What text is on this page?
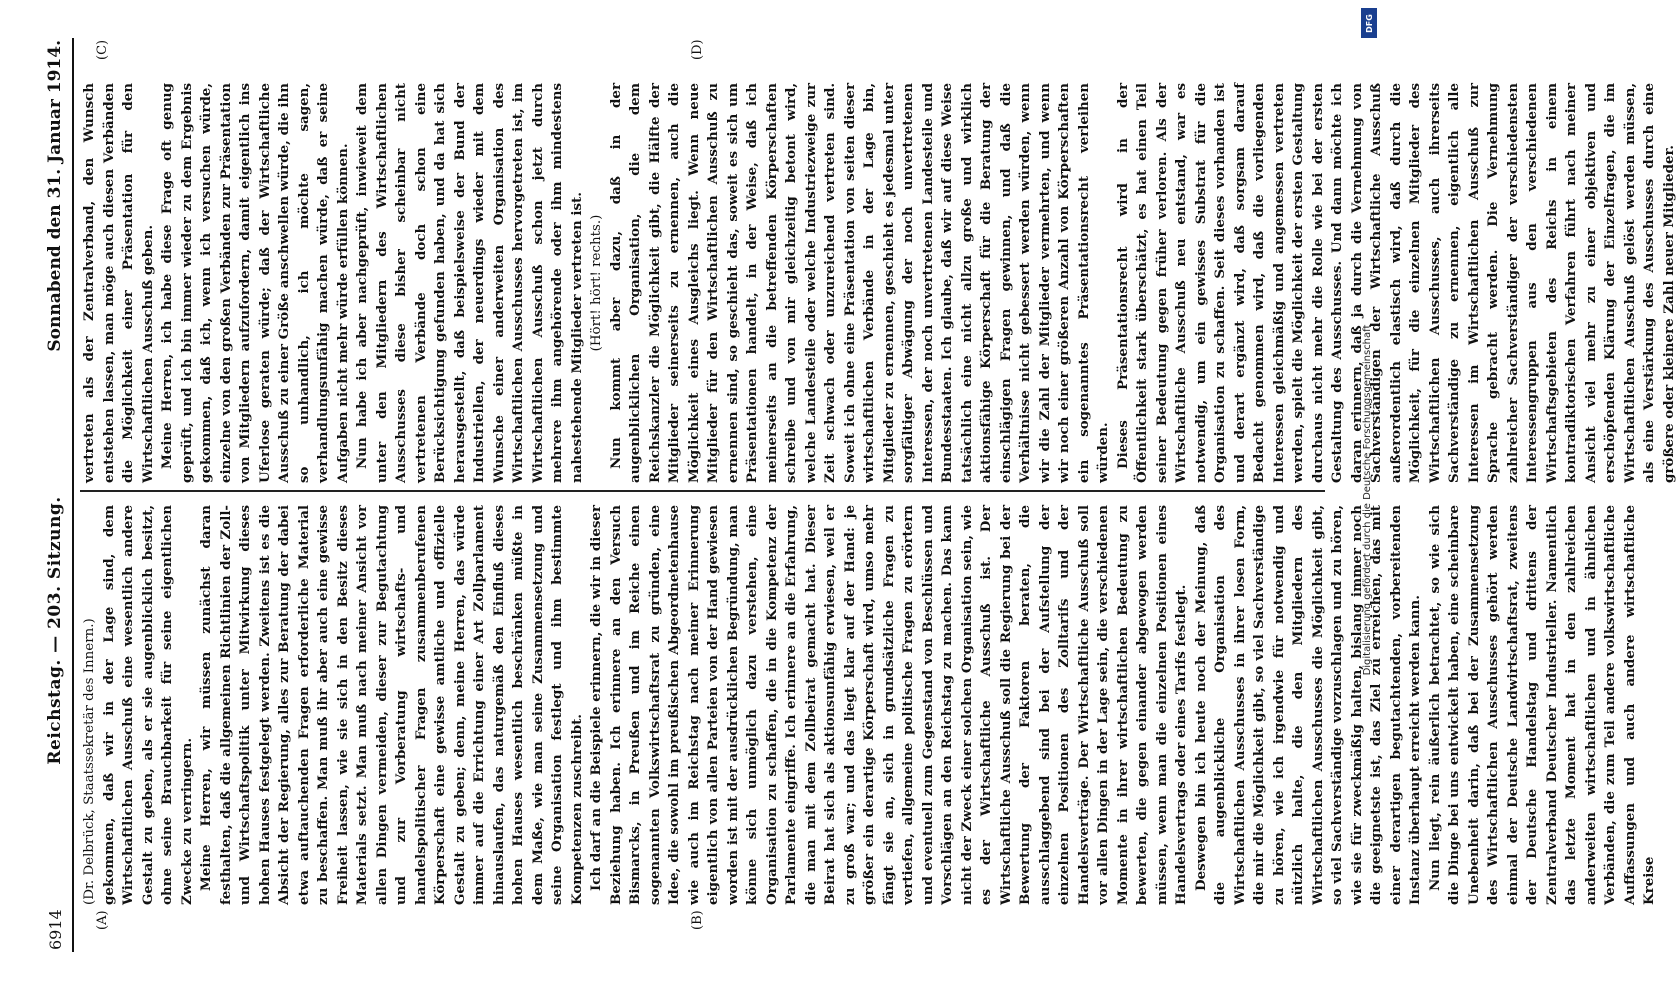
6914
Reichstag. — 203. Sitzung.
Sonnabend den 31. Januar 1914.
(A)	(B)
(C)	(D)

(Dr. Delbrück, Staatssekretär des Innern.) gekommen, daß wir in der Lage sind, dem Wirtschaftlichen Ausschuß eine wesentlich andere Gestalt zu geben, als er sie augenblicklich besitzt, ohne seine Brauchbarkeit für seine eigentlichen Zwecke zu verringern. Meine Herren, wir müssen zunächst daran festhalten, daß die allgemeinen Richtlinien der Zoll- und Wirtschaftspolitik unter Mitwirkung dieses hohen Hauses festgelegt werden. Zweitens ist es die Absicht der Regierung, alles zur Beratung der dabei etwa auftauchenden Fragen erforderliche Material zu beschaffen. Man muß ihr aber auch eine gewisse Freiheit lassen, wie sie sich in den Besitz dieses Materials setzt. Man muß nach meiner Ansicht vor allen Dingen vermeiden, dieser zur Begutachtung und zur Vorberatung wirtschafts- und handelspolitischer Fragen zusammenberufenen Körperschaft eine gewisse amtliche und offizielle Gestalt zu geben; denn, meine Herren, das würde immer auf die Errichtung einer Art Zollparlament hinauslaufen, das naturgemäß den Einfluß dieses hohen Hauses wesentlich beschränken müßte in dem Maße, wie man seine Zusammensetzung und seine Organisation festlegt und ihm bestimmte Kompetenzen zuschreibt. Ich darf an die Beispiele erinnern, die wir in dieser Beziehung haben. Ich erinnere an den Versuch Bismarcks, in Preußen und im Reiche einen sogenannten Volkswirtschaftsrat zu gründen, eine Idee, die sowohl im preußischen Abgeordnetenhause wie auch im Reichstag nach meiner Erinnerung eigentlich von allen Parteien von der Hand gewiesen worden ist mit der ausdrücklichen Begründung, man könne sich unmöglich dazu verstehen, eine Organisation zu schaffen, die in die Kompetenz der Parlamente eingriffe. Ich erinnere an die Erfahrung, die man mit dem Zollbeirat gemacht hat. Dieser Beirat hat sich als aktionsunfähig erwiesen, weil er zu groß war; und das liegt klar auf der Hand: je größer ein derartige Körperschaft wird, umso mehr fängt sie an, sich in grundsätzliche Fragen zu vertiefen, allgemeine politische Fragen zu erörtern und eventuell zum Gegenstand von Beschlüssen und Vorschlägen an den Reichstag zu machen. Das kann nicht der Zweck einer solchen Organisation sein, wie es der Wirtschaftliche Ausschuß ist. Der Wirtschaftliche Ausschuß soll die Regierung bei der Bewertung der Faktoren beraten, die ausschlaggebend sind bei der Aufstellung der einzelnen Positionen des Zolltarifs und der Handelsverträge. Der Wirtschaftliche Ausschuß soll vor allen Dingen in der Lage sein, die verschiedenen Momente in ihrer wirtschaftlichen Bedeutung zu bewerten, die gegen einander abgewogen werden müssen, wenn man die einzelnen Positionen eines Handelsvertrags oder eines Tarifs festlegt. Deswegen bin ich heute noch der Meinung, daß die augenblickliche Organisation des Wirtschaftlichen Ausschusses in ihrer losen Form, die mir die Möglichkeit gibt, so viel Sachverständige zu hören, wie ich irgendwie für notwendig und nützlich halte, die den Mitgliedern des Wirtschaftlichen Ausschusses die Möglichkeit gibt, so viel Sachverständige vorzuschlagen und zu hören, wie sie für zweckmäßig halten, bislang immer noch die geeignetste ist, das Ziel zu erreichen, das mit einer derartigen begutachtenden, vorbereitenden Instanz überhaupt erreicht werden kann. Nun liegt, rein äußerlich betrachtet, so wie sich die Dinge bei uns entwickelt haben, eine scheinbare Unebenheit darin, daß bei der Zusammensetzung des Wirtschaftlichen Ausschusses gehört werden einmal der Deutsche Landwirtschaftsrat, zweitens der Deutsche Handelstag und drittens der Zentralverband Deutscher Industrieller. Namentlich das letzte Moment hat in den zahlreichen anderweiten wirtschaftlichen und in ähnlichen Verbänden, die zum Teil andere volkswirtschaftliche Auffassungen und auch andere wirtschaftliche Kreise

vertreten als der Zentralverband, den Wunsch entstehen lassen, man möge auch diesen Verbänden die Möglichkeit einer Präsentation für den Wirtschaftlichen Ausschuß geben. Meine Herren, ich habe diese Frage oft genug geprüft, und ich bin immer wieder zu dem Ergebnis gekommen, daß ich, wenn ich versuchen würde, einzelne von den großen Verbänden zur Präsentation von Mitgliedern aufzufordern, damit eigentlich ins Uferlose geraten würde; daß der Wirtschaftliche Ausschuß zu einer Größe anschwellen würde, die ihn so unhandlich, ich möchte sagen, verhandlungsunfähig machen würde, daß er seine Aufgaben nicht mehr würde erfüllen können. Nun habe ich aber nachgeprüft, inwieweit dem unter den Mitgliedern des Wirtschaftlichen Ausschusses diese bisher scheinbar nicht vertretenen Verbände doch schon eine Berücksichtigung gefunden haben, und da hat sich herausgestellt, daß beispielsweise der Bund der Industriellen, der neuerdings wieder mit dem Wunsche einer anderweiten Organisation des Wirtschaftlichen Ausschusses hervorgetreten ist, im Wirtschaftlichen Ausschuß schon jetzt durch mehrere ihm angehörende oder ihm mindestens nahestehende Mitglieder vertreten ist. (Hört! hört! rechts.) Nun kommt aber dazu, daß in der augenblicklichen Organisation, die dem Reichskanzler die Möglichkeit gibt, die Hälfte der Mitglieder seinerseits zu ernennen, auch die Möglichkeit eines Ausgleichs liegt. Wenn neue Mitglieder für den Wirtschaftlichen Ausschuß zu ernennen sind, so geschieht das, soweit es sich um Präsentationen handelt, in der Weise, daß ich meinerseits an die betreffenden Körperschaften schreibe und von mir gleichzeitig betont wird, welche Landesteile oder welche Industriezweige zur Zeit schwach oder unzureichend vertreten sind. Soweit ich ohne eine Präsentation von seiten dieser wirtschaftlichen Verbände in der Lage bin, Mitglieder zu ernennen, geschieht es jedesmal unter sorgfältiger Abwägung der noch unvertretenen Interessen, der noch unvertretenen Landesteile und Bundesstaaten. Ich glaube, daß wir auf diese Weise tatsächlich eine nicht allzu große und wirklich aktionsfähige Körperschaft für die Beratung der einschlägigen Fragen gewinnen, und daß die Verhältnisse nicht gebessert werden würden, wenn wir die Zahl der Mitglieder vermehrten, und wenn wir noch einer größeren Anzahl von Körperschaften ein sogenanntes Präsentationsrecht verleihen würden. Dieses Präsentationsrecht wird in der Öffentlichkeit stark überschätzt, es hat einen Teil seiner Bedeutung gegen früher verloren. Als der Wirtschaftliche Ausschuß neu entstand, war es notwendig, um ein gewisses Substrat für die Organisation zu schaffen. Seit dieses vorhanden ist und derart ergänzt wird, daß sorgsam darauf Bedacht genommen wird, daß die vorliegenden Interessen gleichmäßig und angemessen vertreten werden, spielt die Möglichkeit der ersten Gestaltung durchaus nicht mehr die Rolle wie bei der ersten Gestaltung des Ausschusses. Und dann möchte ich daran erinnern, daß ja durch die Vernehmung von Sachverständigen der Wirtschaftliche Ausschuß außerordentlich elastisch wird, daß durch die Möglichkeit, für die einzelnen Mitglieder des Wirtschaftlichen Ausschusses, auch ihrerseits Sachverständige zu ernennen, eigentlich alle Interessen im Wirtschaftlichen Ausschuß zur Sprache gebracht werden. Die Vernehmung zahlreicher Sachverständiger der verschiedensten Interessengruppen aus den verschiedenen Wirtschaftsgebieten des Reichs in einem kontradiktorischen Verfahren führt nach meiner Ansicht viel mehr zu einer objektiven und erschöpfenden Klärung der Einzelfragen, die im Wirtschaftlichen Ausschuß gelöst werden müssen, als eine Verstärkung des Ausschusses durch eine größere oder kleinere Zahl neuer Mitglieder.

DFG
Digitalisierung gefördert durch die Deutsche Forschungsgemeinschaft
